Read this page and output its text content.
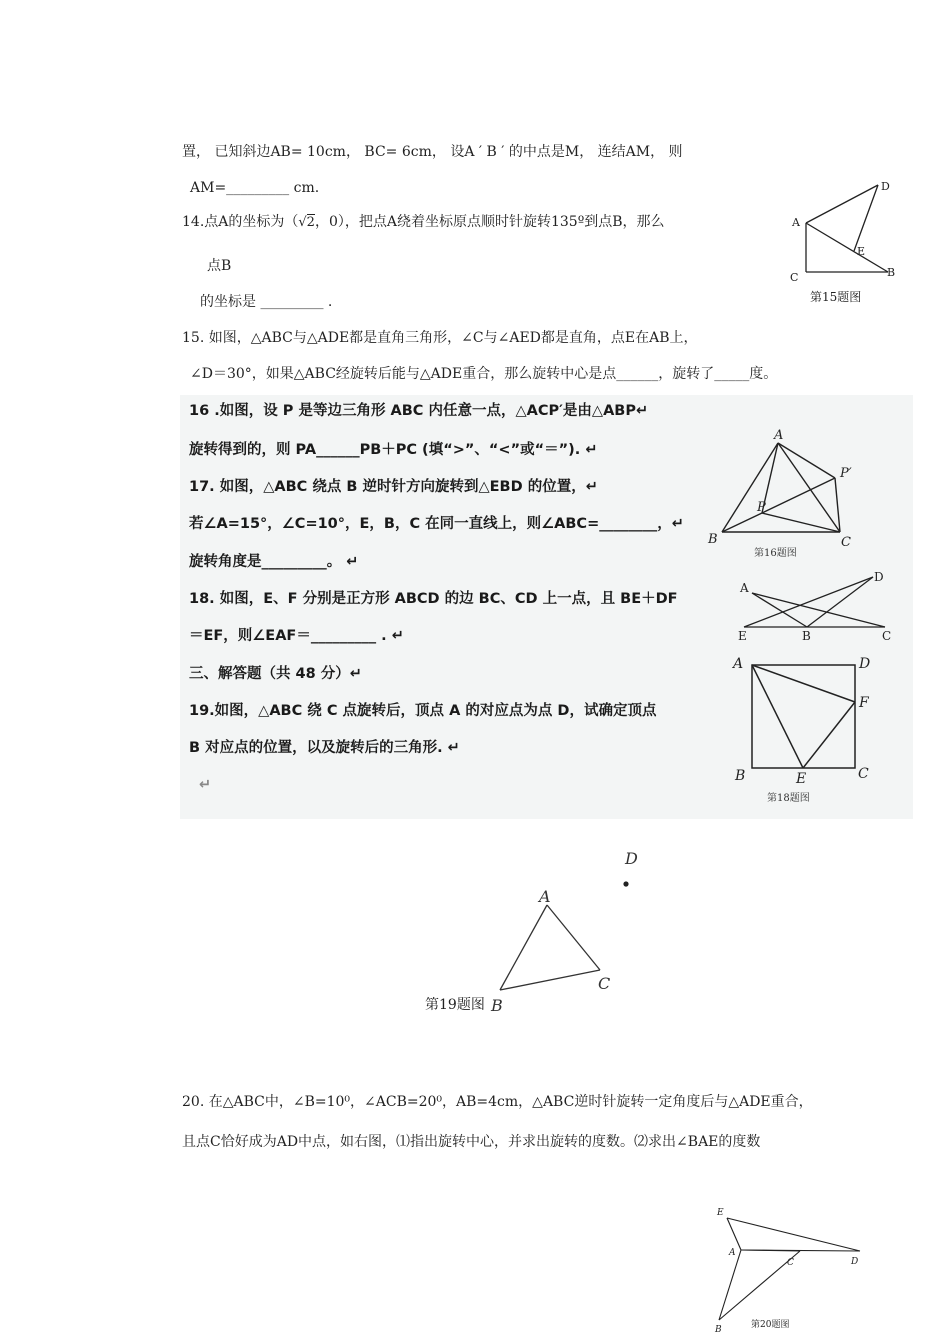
置， 已知斜边AB= 10cm， BC= 6cm， 设A ′ B ′ 的中点是M， 连结AM， 则
AM=_________ cm.
14.点A的坐标为（√2，0），把点A绕着坐标原点顺时针旋转135º到点B，那么
点B
的坐标是 _________ .
A
D
E
B
C
第15题图
15. 如图，△ABC与△ADE都是直角三角形，∠C与∠AED都是直角，点E在AB上，
∠D＝30°，如果△ABC经旋转后能与△ADE重合，那么旋转中心是点______，旋转了_____度。
16 .如图，设 P 是等边三角形 ABC 内任意一点，△ACP′是由△ABP↵
旋转得到的，则 PA______PB＋PC (填“>”、“<”或“＝”). ↵
17. 如图，△ABC 绕点 B 逆时针方向旋转到△EBD 的位置，↵
若∠A=15°，∠C=10°，E，B，C 在同一直线上，则∠ABC=________，↵
旋转角度是_________。 ↵
A
P′
P
B	C
第16题图
A
D
E	B	C
18. 如图，E、F 分别是正方形 ABCD 的边 BC、CD 上一点，且 BE＋DF
＝EF，则∠EAF＝_________ . ↵
三、解答题（共 48 分）↵
19.如图，△ABC 绕 C 点旋转后，顶点 A 的对应点为点 D，试确定顶点
B 对应点的位置，以及旋转后的三角形. ↵
↵
A	D
F
B	E	C
第18题图
D
A
C
B
第19题图
20. 在△ABC中，∠B=10⁰，∠ACB=20⁰，AB=4cm，△ABC逆时针旋转一定角度后与△ADE重合，
且点C恰好成为AD中点，如右图，⑴指出旋转中心，并求出旋转的度数。⑵求出∠BAE的度数
E
A
C	D
B	第20题图
